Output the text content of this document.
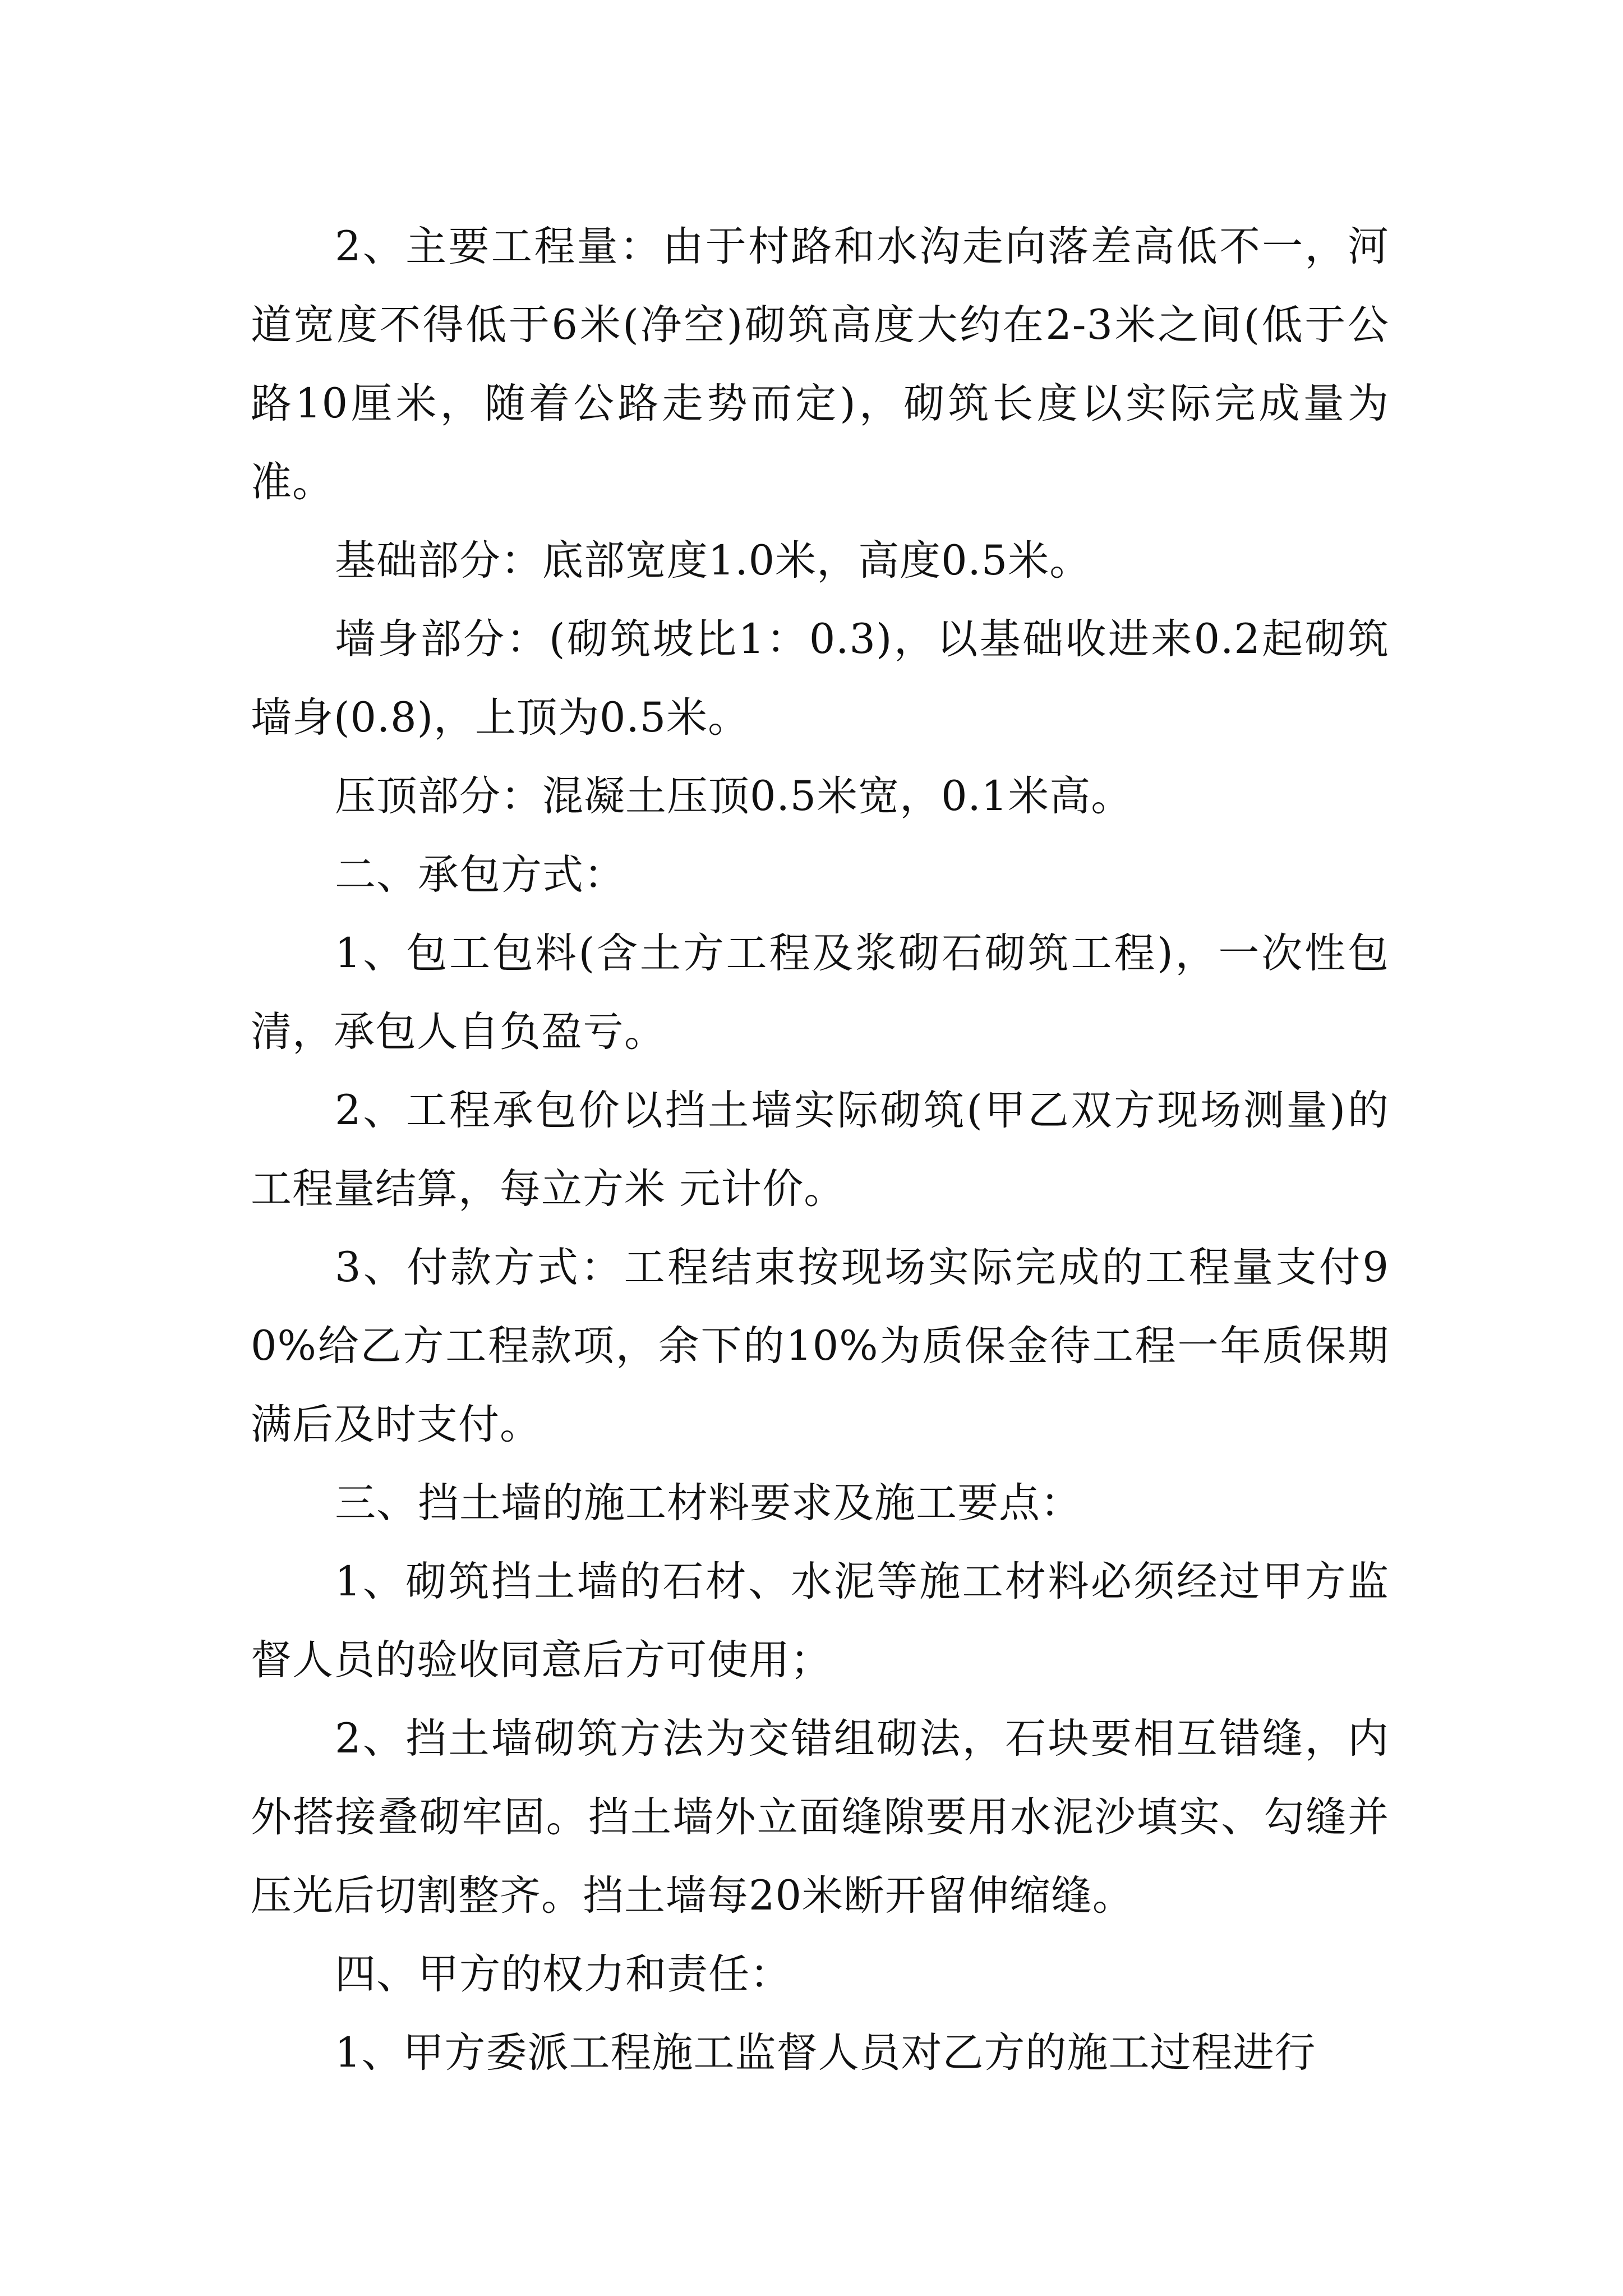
2、主要工程量：由于村路和水沟走向落差高低不一，河道宽度不得低于6米(净空)砌筑高度大约在2-3米之间(低于公路10厘米，随着公路走势而定)，砌筑长度以实际完成量为准。

基础部分：底部宽度1.0米，高度0.5米。

墙身部分：(砌筑坡比1：0.3)，以基础收进来0.2起砌筑墙身(0.8)，上顶为0.5米。

压顶部分：混凝土压顶0.5米宽，0.1米高。

二、承包方式：

1、包工包料(含土方工程及浆砌石砌筑工程)，一次性包清，承包人自负盈亏。

2、工程承包价以挡土墙实际砌筑(甲乙双方现场测量)的工程量结算，每立方米 元计价。

3、付款方式：工程结束按现场实际完成的工程量支付90%给乙方工程款项，余下的10%为质保金待工程一年质保期满后及时支付。

三、挡土墙的施工材料要求及施工要点：

1、砌筑挡土墙的石材、水泥等施工材料必须经过甲方监督人员的验收同意后方可使用；

2、挡土墙砌筑方法为交错组砌法，石块要相互错缝，内外搭接叠砌牢固。挡土墙外立面缝隙要用水泥沙填实、勾缝并压光后切割整齐。挡土墙每20米断开留伸缩缝。

四、甲方的权力和责任：

1、甲方委派工程施工监督人员对乙方的施工过程进行
